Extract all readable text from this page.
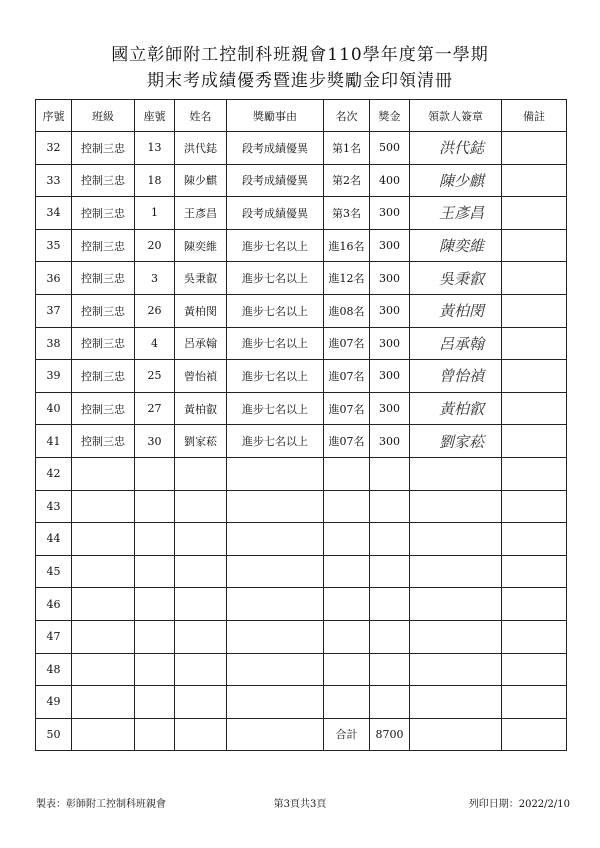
國立彰師附工控制科班親會110學年度第一學期
期末考成績優秀暨進步獎勵金印領清冊
序號	班級	座號	姓名	獎勵事由	名次	獎金	領款人簽章	備註
32	控制三忠	13	洪代鋕	段考成績優異	第1名	500	洪代鋕	
33	控制三忠	18	陳少麒	段考成績優異	第2名	400	陳少麒	
34	控制三忠	1	王彥昌	段考成績優異	第3名	300	王彥昌	
35	控制三忠	20	陳奕維	進步七名以上	進16名	300	陳奕維	
36	控制三忠	3	吳秉叡	進步七名以上	進12名	300	吳秉叡	
37	控制三忠	26	黃柏閔	進步七名以上	進08名	300	黃柏閔	
38	控制三忠	4	呂承翰	進步七名以上	進07名	300	呂承翰	
39	控制三忠	25	曾怡禎	進步七名以上	進07名	300	曾怡禎	
40	控制三忠	27	黃柏叡	進步七名以上	進07名	300	黃柏叡	
41	控制三忠	30	劉家菘	進步七名以上	進07名	300	劉家菘	
42								
43								
44								
45								
46								
47								
48								
49								
50					合計	8700		
製表：彰師附工控制科班親會	第3頁共3頁	列印日期：2022/2/10
